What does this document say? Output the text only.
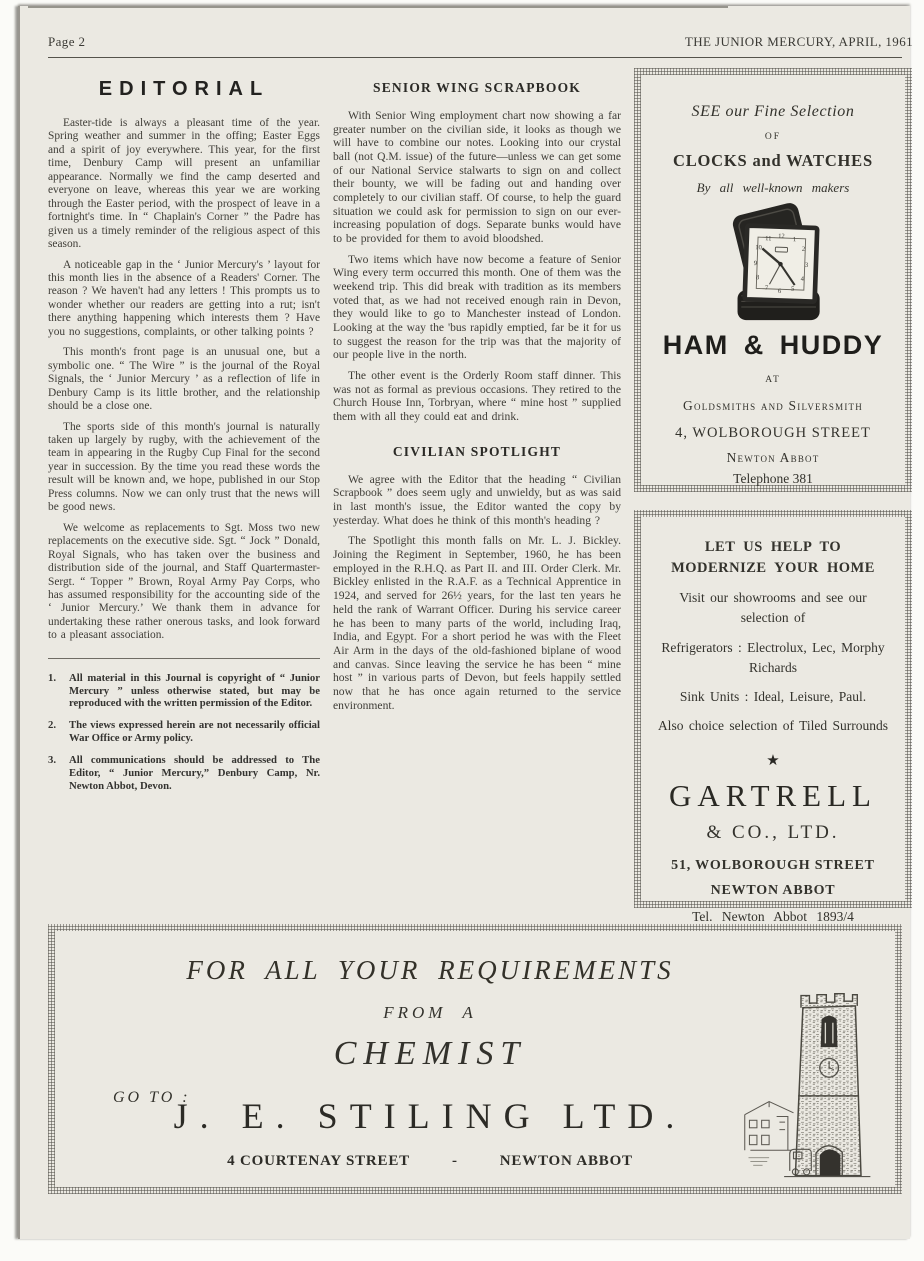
Page 2	THE JUNIOR MERCURY, APRIL, 1961
EDITORIAL

Easter-tide is always a pleasant time of the year. Spring weather and summer in the offing; Easter Eggs and a spirit of joy everywhere. This year, for the first time, Denbury Camp will present an unfamiliar appearance. Normally we find the camp deserted and everyone on leave, whereas this year we are working through the Easter period, with the prospect of leave in a fortnight's time. In “ Chaplain's Corner ” the Padre has given us a timely reminder of the religious aspect of this season.

A noticeable gap in the ‘ Junior Mercury's ’ layout for this month lies in the absence of a Readers' Corner. The reason ? We haven't had any letters ! This prompts us to wonder whether our readers are getting into a rut; isn't there anything happening which interests them ? Have you no suggestions, complaints, or other talking points ?

This month's front page is an unusual one, but a symbolic one. “ The Wire ” is the journal of the Royal Signals, the ‘ Junior Mercury ’ as a reflection of life in Denbury Camp is its little brother, and the relationship should be a close one.

The sports side of this month's journal is naturally taken up largely by rugby, with the achievement of the team in appearing in the Rugby Cup Final for the second year in succession. By the time you read these words the result will be known and, we hope, published in our Stop Press columns. Now we can only trust that the news will be good news.

We welcome as replacements to Sgt. Moss two new replacements on the executive side. Sgt. “ Jock ” Donald, Royal Signals, who has taken over the business and distribution side of the journal, and Staff Quartermaster-Sergt. “ Topper ” Brown, Royal Army Pay Corps, who has assumed responsibility for the accounting side of the ‘ Junior Mercury.’ We thank them in advance for undertaking these rather onerous tasks, and look forward to a pleasant association.

1.	All material in this Journal is copyright of “ Junior Mercury ” unless otherwise stated, but may be reproduced with the written permission of the Editor.
2.	The views expressed herein are not necessarily official War Office or Army policy.
3.	All communications should be addressed to The Editor, “ Junior Mercury,” Denbury Camp, Nr. Newton Abbot, Devon.
SENIOR WING SCRAPBOOK

With Senior Wing employment chart now showing a far greater number on the civilian side, it looks as though we will have to combine our notes. Looking into our crystal ball (not Q.M. issue) of the future—unless we can get some of our National Service stalwarts to sign on and collect their bounty, we will be fading out and handing over completely to our civilian staff. Of course, to help the guard situation we could ask for permission to sign on our ever-increasing population of dogs. Separate bunks would have to be provided for them to avoid bloodshed.

Two items which have now become a feature of Senior Wing every term occurred this month. One of them was the weekend trip. This did break with tradition as its members voted that, as we had not received enough rain in Devon, they would like to go to Manchester instead of London. Looking at the way the 'bus rapidly emptied, far be it for us to suggest the reason for the trip was that the majority of our people live in the north.

The other event is the Orderly Room staff dinner. This was not as formal as previous occasions. They retired to the Church House Inn, Torbryan, where “ mine host ” supplied them with all they could eat and drink.

CIVILIAN SPOTLIGHT

We agree with the Editor that the heading “ Civilian Scrapbook ” does seem ugly and unwieldy, but as was said in last month's issue, the Editor wanted the copy by yesterday. What does he think of this month's heading ?

The Spotlight this month falls on Mr. L. J. Bickley. Joining the Regiment in September, 1960, he has been employed in the R.H.Q. as Part II. and III. Order Clerk. Mr. Bickley enlisted in the R.A.F. as a Technical Apprentice in 1924, and served for 26½ years, for the last ten years he held the rank of Warrant Officer. During his service career he has been to many parts of the world, including Iraq, India, and Egypt. For a short period he was with the Fleet Air Arm in the days of the old-fashioned biplane of wood and canvas. Since leaving the service he has been “ mine host ” in various parts of Devon, but feels happily settled now that he has once again returned to the service environment.

SEE our Fine Selection
OF
CLOCKS and WATCHES
By all well-known makers
12 1
2
3
4
5
6
7
8
9
10
11
HAM & HUDDY
AT
Goldsmiths and Silversmith
4, WOLBOROUGH STREET
Newton Abbot
Telephone 381
LET US HELP TO MODERNIZE YOUR HOME
Visit our showrooms and see our selection of
Refrigerators : Electrolux, Lec, Morphy Richards
Sink Units : Ideal, Leisure, Paul.
Also choice selection of Tiled Surrounds
★
GARTRELL
& CO., LTD.
51, WOLBOROUGH STREET
NEWTON ABBOT
Tel. Newton Abbot 1893/4
FOR ALL YOUR REQUIREMENTS
FROM A
CHEMIST
J. E. STILING LTD.
4 COURTENAY STREET	-	NEWTON ABBOT
GO TO :
